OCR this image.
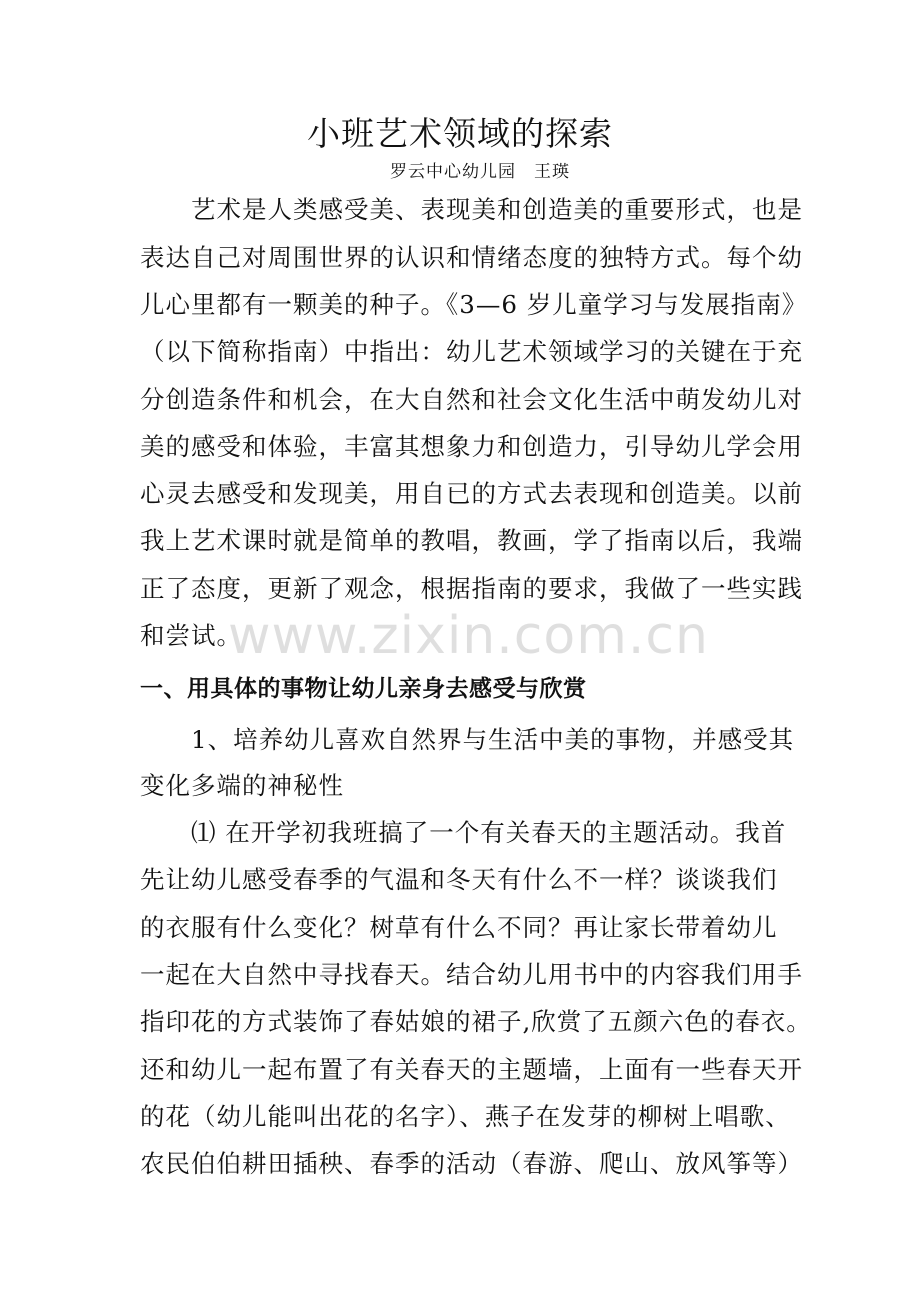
小班艺术领域的探索
罗云中心幼儿园　王瑛
　　艺术是人类感受美、表现美和创造美的重要形式，也是
表达自己对周围世界的认识和情绪态度的独特方式。每个幼
儿心里都有一颗美的种子。《3—6 岁儿童学习与发展指南》
（以下简称指南）中指出：幼儿艺术领域学习的关键在于充
分创造条件和机会，在大自然和社会文化生活中萌发幼儿对
美的感受和体验，丰富其想象力和创造力，引导幼儿学会用
心灵去感受和发现美，用自已的方式去表现和创造美。以前
我上艺术课时就是简单的教唱，教画，学了指南以后，我端
正了态度，更新了观念，根据指南的要求，我做了一些实践
和尝试。
一、用具体的事物让幼儿亲身去感受与欣赏
　　1、培养幼儿喜欢自然界与生活中美的事物，并感受其
变化多端的神秘性
　　⑴ 在开学初我班搞了一个有关春天的主题活动。我首
先让幼儿感受春季的气温和冬天有什么不一样？谈谈我们
的衣服有什么变化？树草有什么不同？再让家长带着幼儿
一起在大自然中寻找春天。结合幼儿用书中的内容我们用手
指印花的方式装饰了春姑娘的裙子,欣赏了五颜六色的春衣。
还和幼儿一起布置了有关春天的主题墙，上面有一些春天开
的花（幼儿能叫出花的名字）、燕子在发芽的柳树上唱歌、
农民伯伯耕田插秧、春季的活动（春游、爬山、放风筝等）
www.zixin.com.cn
